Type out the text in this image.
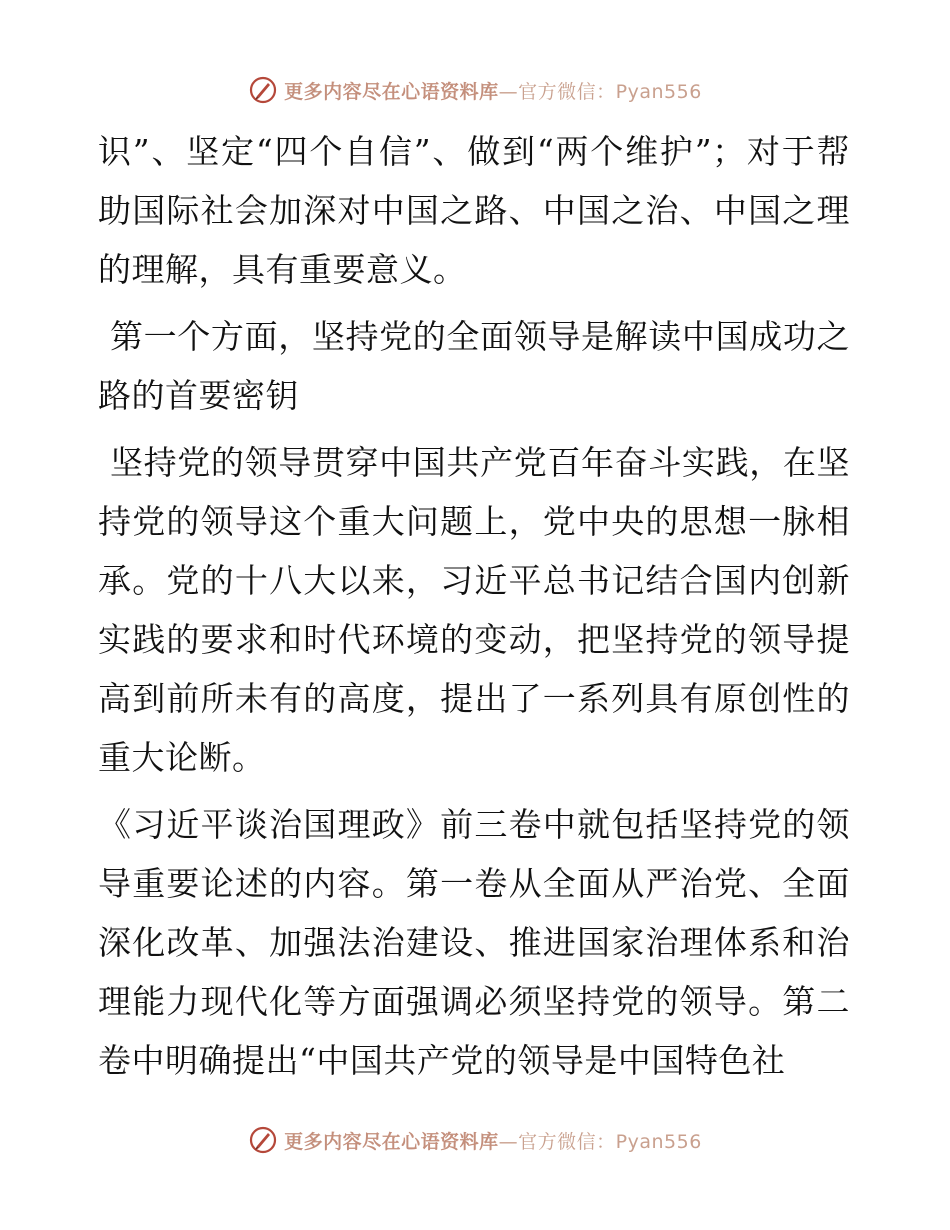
更多内容尽在心语资料库—官方微信：Pyan556

识”、坚定“四个自信”、做到“两个维护”；对于帮助国际社会加深对中国之路、中国之治、中国之理的理解，具有重要意义。

第一个方面，坚持党的全面领导是解读中国成功之路的首要密钥

坚持党的领导贯穿中国共产党百年奋斗实践，在坚持党的领导这个重大问题上，党中央的思想一脉相承。党的十八大以来，习近平总书记结合国内创新实践的要求和时代环境的变动，把坚持党的领导提高到前所未有的高度，提出了一系列具有原创性的重大论断。

《习近平谈治国理政》前三卷中就包括坚持党的领导重要论述的内容。第一卷从全面从严治党、全面深化改革、加强法治建设、推进国家治理体系和治理能力现代化等方面强调必须坚持党的领导。第二卷中明确提出“中国共产党的领导是中国特色社

更多内容尽在心语资料库—官方微信：Pyan556
